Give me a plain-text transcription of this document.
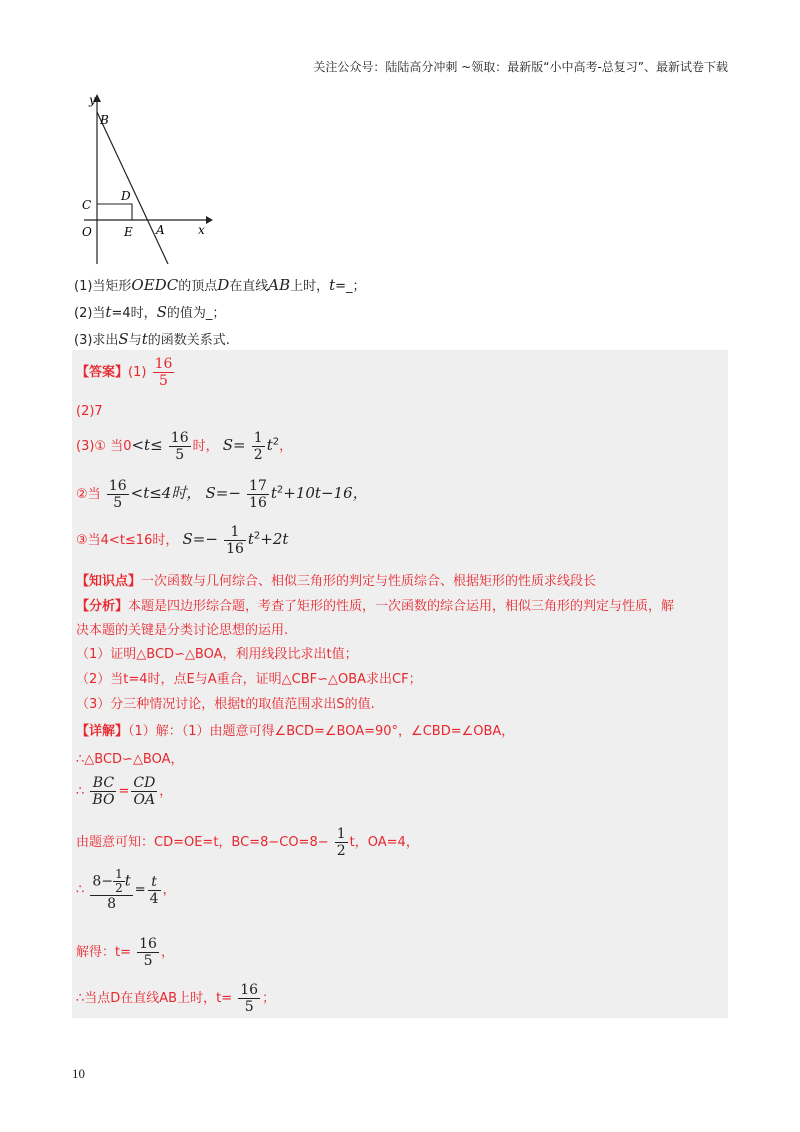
关注公众号：陆陆高分冲刺 ~领取：最新版“小中高考-总复习”、最新试卷下载
y
B
C
D
O	E A	x
(1)当矩形OEDC的顶点D在直线AB上时，t=_；
(2)当t=4时，S的值为_；
(3)求出S与t的函数关系式.
【答案】$(1) \frac{16}{5}$
(2)7
(3)① 当$0<t\le \frac{16}{5}$ 时， $S= \frac{1}{2} t^2$，
②当 $\frac{16}{5} <t\le 4$时， $S=- \frac{17}{16} t^2+10t-16$，
③当4<t≤16时， $S=- \frac{1}{16} t^2+2t$
【知识点】一次函数与几何综合、相似三角形的判定与性质综合、根据矩形的性质求线段长
【分析】本题是四边形综合题，考查了矩形的性质，一次函数的综合运用，相似三角形的判定与性质，解
决本题的关键是分类讨论思想的运用.
（1）证明△BCD∽△BOA，利用线段比求出t值；
（2）当t=4时，点E与A重合，证明△CBF∽△OBA求出CF；
（3）分三种情况讨论，根据t的取值范围求出S的值.
【详解】（1）解：（1）由题意可得∠BCD=∠BOA=90°，∠CBD=∠OBA，
∴△BCD∽△BOA，
∴ $\frac{BC}{BO} = \frac{CD}{OA}$ ，
由题意可知：CD=OE=t，$BC=8-CO=8- \frac{1}{2}$ t，OA=4，
∴ $\frac{8- \frac{1}{2} t}{8} = \frac{t}{4}$ ，
解得：$t= \frac{16}{5}$ ，
∴当点D在直线AB上时，$t= \frac{16}{5}$ ；
10
